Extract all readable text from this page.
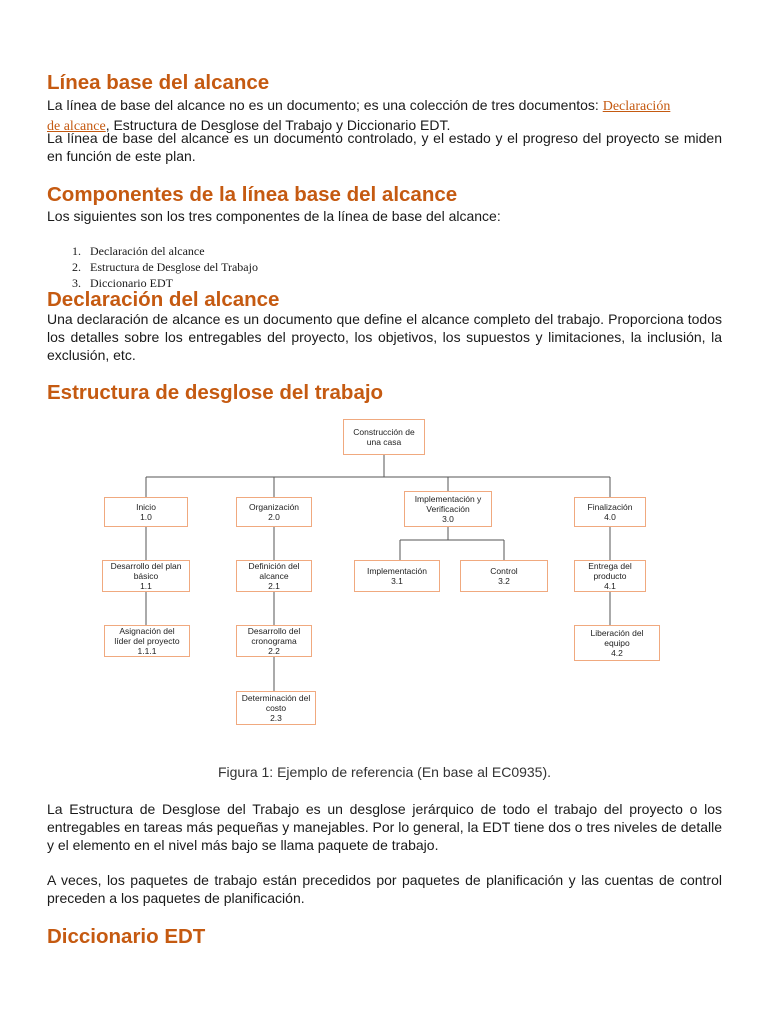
Línea base del alcance

La línea de base del alcance no es un documento; es una colección de tres documentos: Declaración
de alcance, Estructura de Desglose del Trabajo y Diccionario EDT.

La línea de base del alcance es un documento controlado, y el estado y el progreso del proyecto se miden en función de este plan.

Componentes de la línea base del alcance

Los siguientes son los tres componentes de la línea de base del alcance:

1. Declaración del alcance
2. Estructura de Desglose del Trabajo
3. Diccionario EDT
Declaración del alcance

Una declaración de alcance es un documento que define el alcance completo del trabajo. Proporciona todos los detalles sobre los entregables del proyecto, los objetivos, los supuestos y limitaciones, la inclusión, la exclusión, etc.

Estructura de desglose del trabajo
Construcción de
una casa
Inicio
1.0
Organización
2.0
Implementación y
Verificación
3.0
Finalización
4.0
Desarrollo del plan
básico
1.1
Asignación del
líder del proyecto
1.1.1
Definición del
alcance
2.1
Desarrollo del
cronograma
2.2
Determinación del
costo
2.3
Implementación
3.1
Control
3.2
Entrega del
producto
4.1
Liberación del
equipo
4.2

Figura 1: Ejemplo de referencia (En base al EC0935).

La Estructura de Desglose del Trabajo es un desglose jerárquico de todo el trabajo del proyecto o los entregables en tareas más pequeñas y manejables. Por lo general, la EDT tiene dos o tres niveles de detalle y el elemento en el nivel más bajo se llama paquete de trabajo.

A veces, los paquetes de trabajo están precedidos por paquetes de planificación y las cuentas de control preceden a los paquetes de planificación.

Diccionario EDT
